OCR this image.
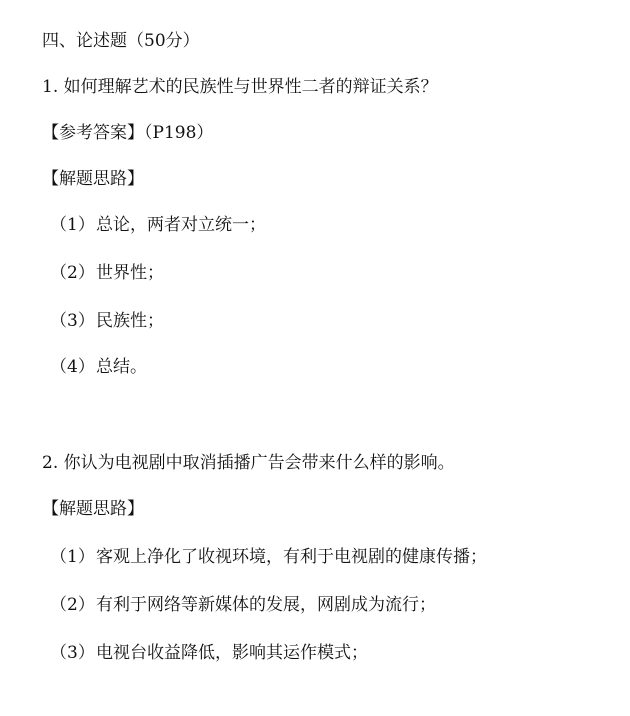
四、论述题（50分）
1. 如何理解艺术的民族性与世界性二者的辩证关系？
【参考答案】（P198）
【解题思路】
（1）总论，两者对立统一；
（2）世界性；
（3）民族性；
（4）总结。
2. 你认为电视剧中取消插播广告会带来什么样的影响。
【解题思路】
（1）客观上净化了收视环境，有利于电视剧的健康传播；
（2）有利于网络等新媒体的发展，网剧成为流行；
（3）电视台收益降低，影响其运作模式；
